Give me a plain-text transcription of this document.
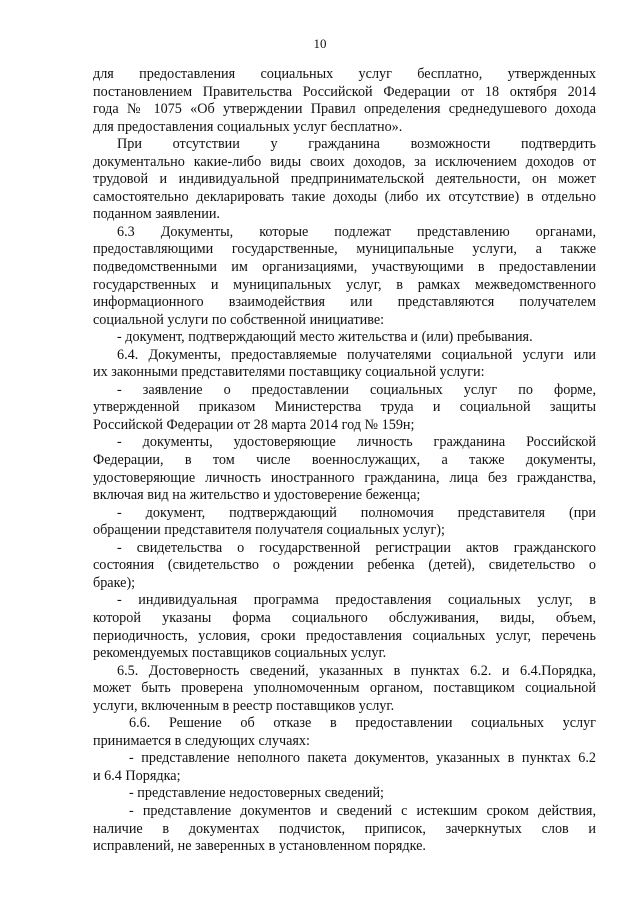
10
для предоставления социальных услуг бесплатно, утвержденных
постановлением Правительства Российской Федерации от 18 октября 2014
года № 1075 «Об утверждении Правил определения среднедушевого дохода
для предоставления социальных услуг бесплатно».
При отсутствии у гражданина возможности подтвердить
документально какие-либо виды своих доходов, за исключением доходов от
трудовой и индивидуальной предпринимательской деятельности, он может
самостоятельно декларировать такие доходы (либо их отсутствие) в отдельно
поданном заявлении.
6.3 Документы, которые подлежат представлению органами,
предоставляющими государственные, муниципальные услуги, а также
подведомственными им организациями, участвующими в предоставлении
государственных и муниципальных услуг, в рамках межведомственного
информационного взаимодействия или представляются получателем
социальной услуги по собственной инициативе:
- документ, подтверждающий место жительства и (или) пребывания.
6.4. Документы, предоставляемые получателями социальной услуги или
их законными представителями поставщику социальной услуги:
- заявление о предоставлении социальных услуг по форме,
утвержденной приказом Министерства труда и социальной защиты
Российской Федерации от 28 марта 2014 год № 159н;
- документы, удостоверяющие личность гражданина Российской
Федерации, в том числе военнослужащих, а также документы,
удостоверяющие личность иностранного гражданина, лица без гражданства,
включая вид на жительство и удостоверение беженца;
- документ, подтверждающий полномочия представителя (при
обращении представителя получателя социальных услуг);
- свидетельства о государственной регистрации актов гражданского
состояния (свидетельство о рождении ребенка (детей), свидетельство о
браке);
- индивидуальная программа предоставления социальных услуг, в
которой указаны форма социального обслуживания, виды, объем,
периодичность, условия, сроки предоставления социальных услуг, перечень
рекомендуемых поставщиков социальных услуг.
6.5. Достоверность сведений, указанных в пунктах 6.2. и 6.4.Порядка,
может быть проверена уполномоченным органом, поставщиком социальной
услуги, включенным в реестр поставщиков услуг.
6.6. Решение об отказе в предоставлении социальных услуг
принимается в следующих случаях:
- представление неполного пакета документов, указанных в пунктах 6.2
и 6.4 Порядка;
- представление недостоверных сведений;
- представление документов и сведений с истекшим сроком действия,
наличие в документах подчисток, приписок, зачеркнутых слов и
исправлений, не заверенных в установленном порядке.
